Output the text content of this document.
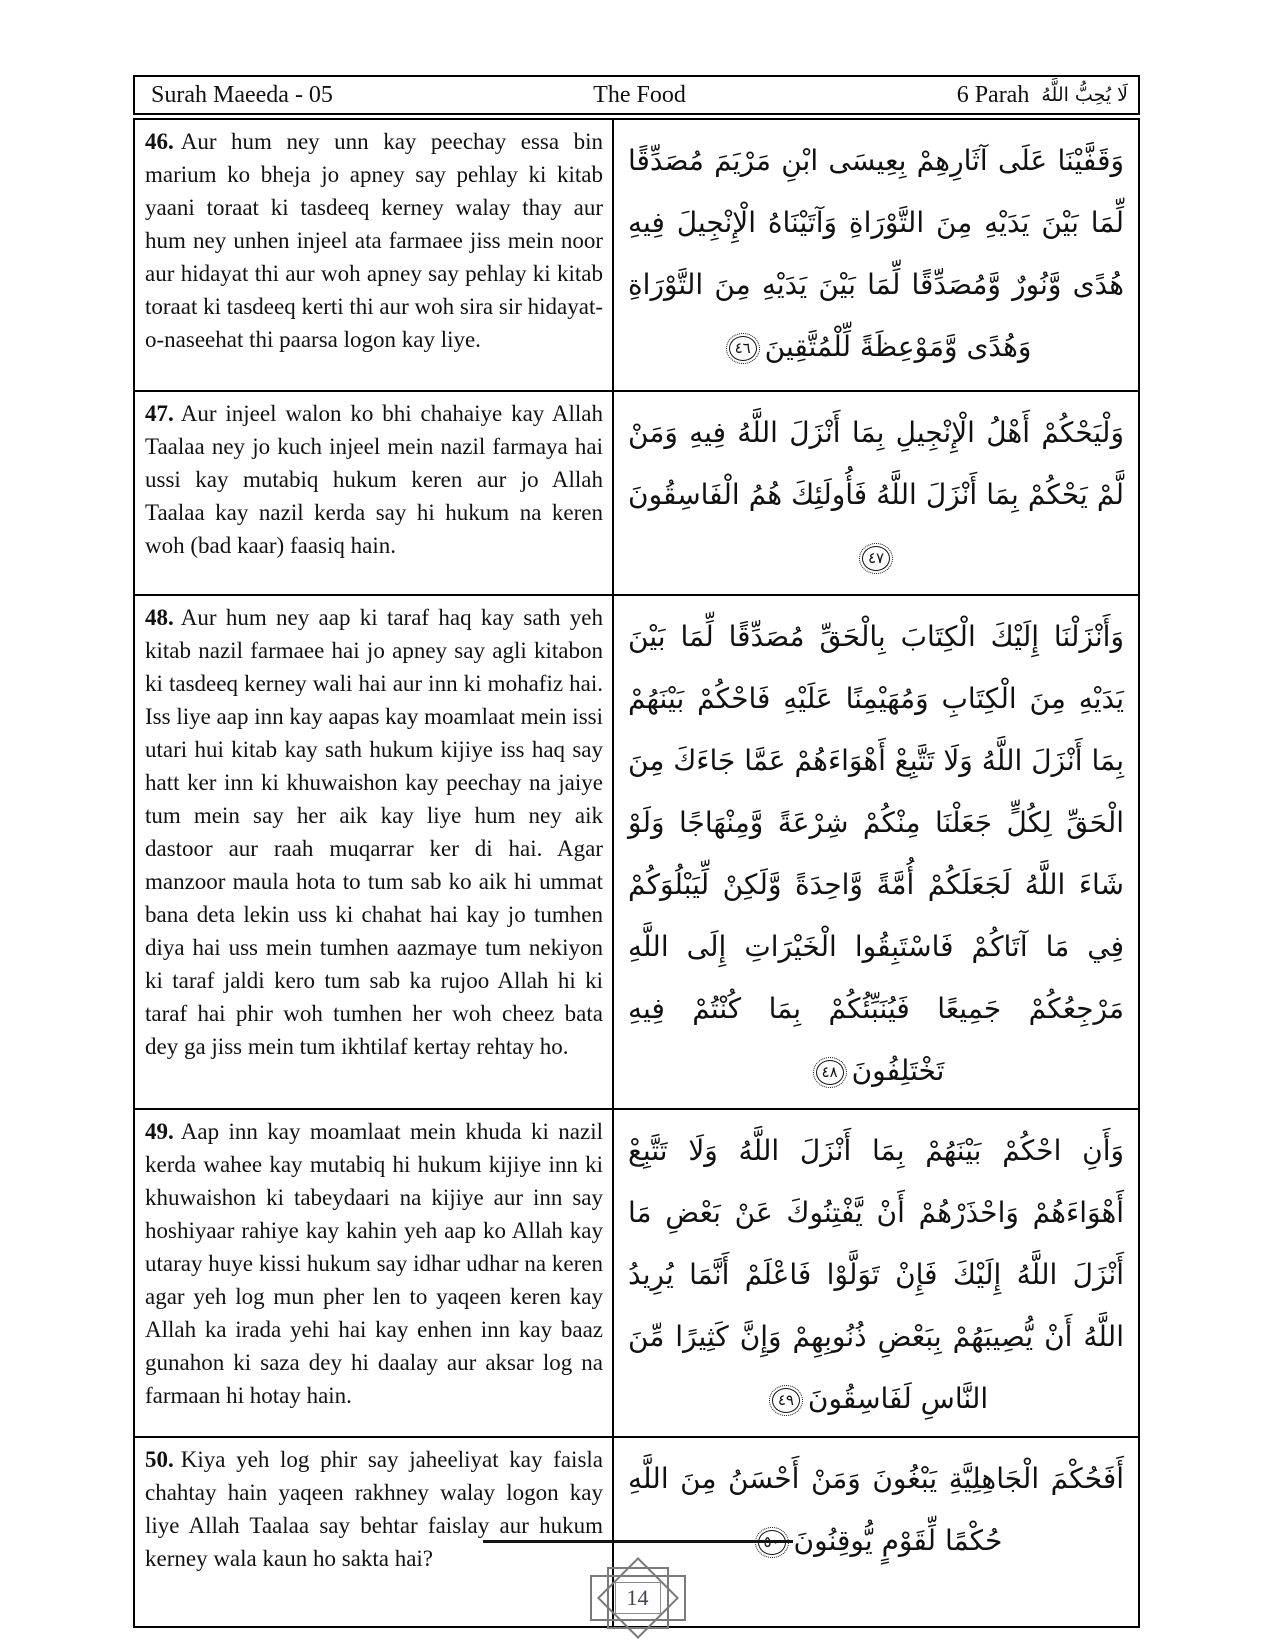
Surah Maeeda - 05	The Food	6 Parah لَا يُحِبُّ اللَّهُ
46. Aur hum ney unn kay peechay essa bin marium ko bheja jo apney say pehlay ki kitab yaani toraat ki tasdeeq kerney walay thay aur hum ney unhen injeel ata farmaee jiss mein noor aur hidayat thi aur woh apney say pehlay ki kitab toraat ki tasdeeq kerti thi aur woh sira sir hidayat-o-naseehat thi paarsa logon kay liye.
وَقَفَّيْنَا عَلَى آثَارِهِمْ بِعِيسَى ابْنِ مَرْيَمَ مُصَدِّقًا لِّمَا بَيْنَ يَدَيْهِ مِنَ التَّوْرَاةِ وَآتَيْنَاهُ الْإِنْجِيلَ فِيهِ هُدًى وَّنُورٌ وَّمُصَدِّقًا لِّمَا بَيْنَ يَدَيْهِ مِنَ التَّوْرَاةِ وَهُدًى وَّمَوْعِظَةً لِّلْمُتَّقِينَ٤٦
47. Aur injeel walon ko bhi chahaiye kay Allah Taalaa ney jo kuch injeel mein nazil farmaya hai ussi kay mutabiq hukum keren aur jo Allah Taalaa kay nazil kerda say hi hukum na keren woh (bad kaar) faasiq hain.
وَلْيَحْكُمْ أَهْلُ الْإِنْجِيلِ بِمَا أَنْزَلَ اللَّهُ فِيهِ وَمَنْ لَّمْ يَحْكُمْ بِمَا أَنْزَلَ اللَّهُ فَأُولَئِكَ هُمُ الْفَاسِقُونَ٤٧
48. Aur hum ney aap ki taraf haq kay sath yeh kitab nazil farmaee hai jo apney say agli kitabon ki tasdeeq kerney wali hai aur inn ki mohafiz hai. Iss liye aap inn kay aapas kay moamlaat mein issi utari hui kitab kay sath hukum kijiye iss haq say hatt ker inn ki khuwaishon kay peechay na jaiye tum mein say her aik kay liye hum ney aik dastoor aur raah muqarrar ker di hai. Agar manzoor maula hota to tum sab ko aik hi ummat bana deta lekin uss ki chahat hai kay jo tumhen diya hai uss mein tumhen aazmaye tum nekiyon ki taraf jaldi kero tum sab ka rujoo Allah hi ki taraf hai phir woh tumhen her woh cheez bata dey ga jiss mein tum ikhtilaf kertay rehtay ho.
وَأَنْزَلْنَا إِلَيْكَ الْكِتَابَ بِالْحَقِّ مُصَدِّقًا لِّمَا بَيْنَ يَدَيْهِ مِنَ الْكِتَابِ وَمُهَيْمِنًا عَلَيْهِ فَاحْكُمْ بَيْنَهُمْ بِمَا أَنْزَلَ اللَّهُ وَلَا تَتَّبِعْ أَهْوَاءَهُمْ عَمَّا جَاءَكَ مِنَ الْحَقِّ لِكُلٍّ جَعَلْنَا مِنْكُمْ شِرْعَةً وَّمِنْهَاجًا وَلَوْ شَاءَ اللَّهُ لَجَعَلَكُمْ أُمَّةً وَّاحِدَةً وَّلَكِنْ لِّيَبْلُوَكُمْ فِي مَا آتَاكُمْ فَاسْتَبِقُوا الْخَيْرَاتِ إِلَى اللَّهِ مَرْجِعُكُمْ جَمِيعًا فَيُنَبِّئُكُمْ بِمَا كُنْتُمْ فِيهِ تَخْتَلِفُونَ٤٨
49. Aap inn kay moamlaat mein khuda ki nazil kerda wahee kay mutabiq hi hukum kijiye inn ki khuwaishon ki tabeydaari na kijiye aur inn say hoshiyaar rahiye kay kahin yeh aap ko Allah kay utaray huye kissi hukum say idhar udhar na keren agar yeh log mun pher len to yaqeen keren kay Allah ka irada yehi hai kay enhen inn kay baaz gunahon ki saza dey hi daalay aur aksar log na farmaan hi hotay hain.
وَأَنِ احْكُمْ بَيْنَهُمْ بِمَا أَنْزَلَ اللَّهُ وَلَا تَتَّبِعْ أَهْوَاءَهُمْ وَاحْذَرْهُمْ أَنْ يَّفْتِنُوكَ عَنْ بَعْضِ مَا أَنْزَلَ اللَّهُ إِلَيْكَ فَإِنْ تَوَلَّوْا فَاعْلَمْ أَنَّمَا يُرِيدُ اللَّهُ أَنْ يُّصِيبَهُمْ بِبَعْضِ ذُنُوبِهِمْ وَإِنَّ كَثِيرًا مِّنَ النَّاسِ لَفَاسِقُونَ٤٩
50. Kiya yeh log phir say jaheeliyat kay faisla chahtay hain yaqeen rakhney walay logon kay liye Allah Taalaa say behtar faislay aur hukum kerney wala kaun ho sakta hai?
أَفَحُكْمَ الْجَاهِلِيَّةِ يَبْغُونَ وَمَنْ أَحْسَنُ مِنَ اللَّهِ حُكْمًا لِّقَوْمٍ يُّوقِنُونَ
14
